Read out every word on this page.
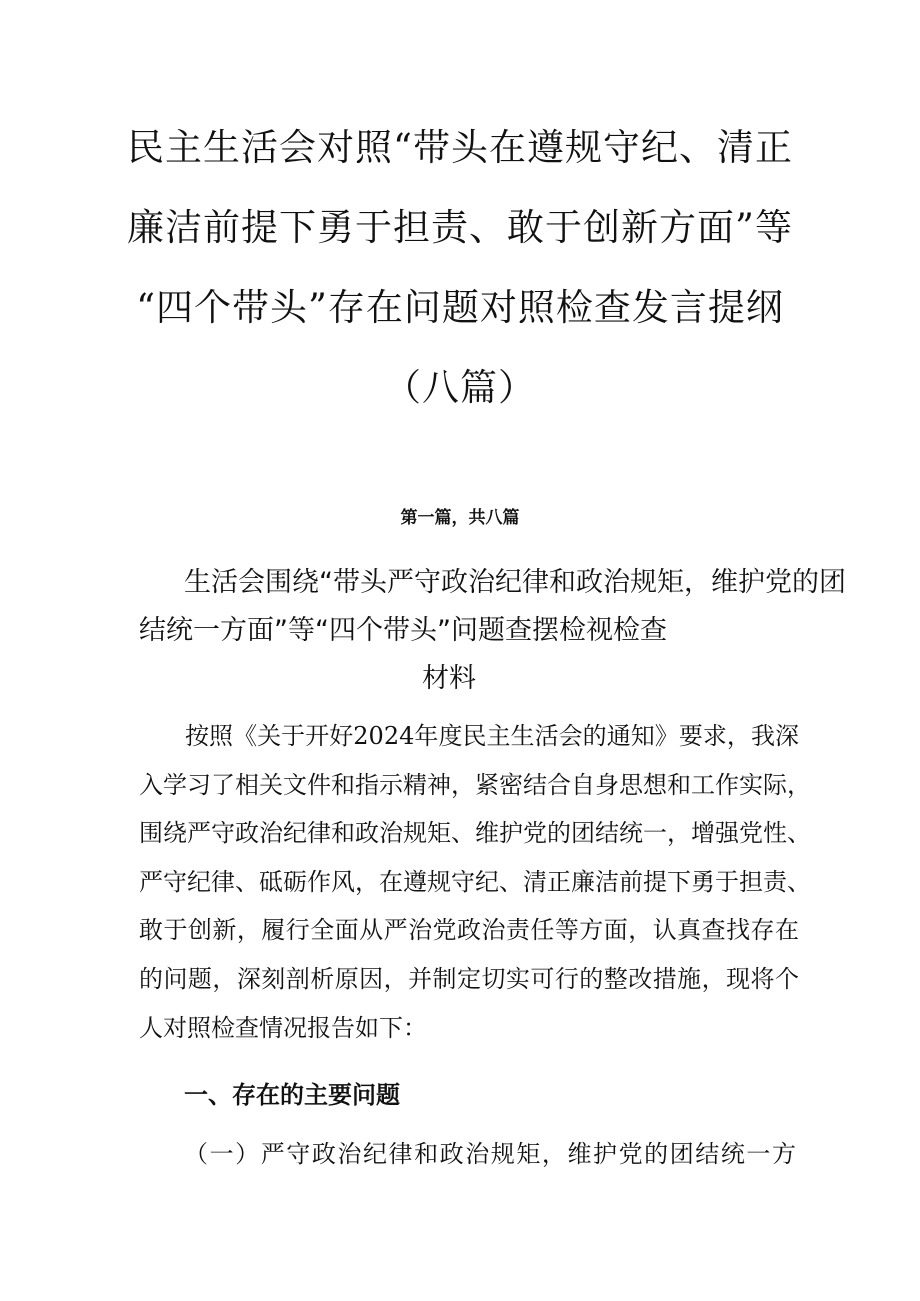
民主生活会对照“带头在遵规守纪、清正
廉洁前提下勇于担责、敢于创新方面”等
“四个带头”存在问题对照检查发言提纲
（八篇）
第一篇，共八篇
生活会围绕“带头严守政治纪律和政治规矩，维护党的团
结统一方面”等“四个带头”问题查摆检视检查
材料

按照《关于开好2024年度民主生活会的通知》要求，我深
入学习了相关文件和指示精神，紧密结合自身思想和工作实际，
围绕严守政治纪律和政治规矩、维护党的团结统一，增强党性、
严守纪律、砥砺作风，在遵规守纪、清正廉洁前提下勇于担责、
敢于创新，履行全面从严治党政治责任等方面，认真查找存在
的问题，深刻剖析原因，并制定切实可行的整改措施，现将个
人对照检查情况报告如下：

一、存在的主要问题

（一）严守政治纪律和政治规矩，维护党的团结统一方
